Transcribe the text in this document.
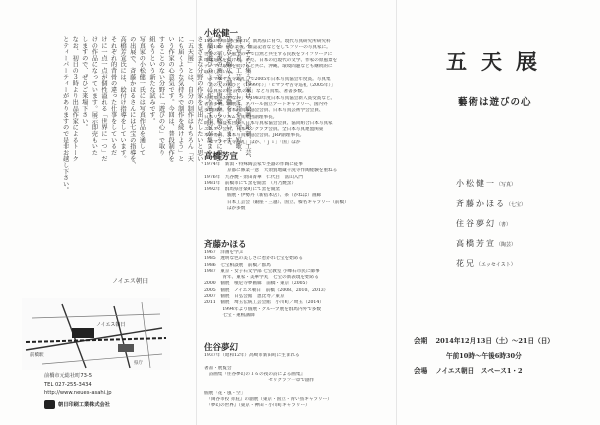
ノイエスに集う作家は、絵画、彫刻、工芸、
書、写真、工芸、そして詩や俳句、短歌、
小説など幅広く制作活動をしています。
ある一夜の酒宴で、盥掌から鞍のように飛ぶ
言葉を遊びのように作り出す作家が集まり、
さまざまな分野の作家を見出だしたいと思い、
「五天展」とは、自分の制作はもちろん「天
にも届くような気持ちで制作を続けよう」と
いう作家の心意気です。今回は、普段制作を
することのない分野に「遊びの心」で取り
組もうという新たな試みです。
写真家の小松健一氏には写真作品を通して
の出展で、斉藤かほるさんには七宝の指導を、
高橋芳宣氏には、絵付け指導をしています。
それぞれ的背骨の違った仕事をしているだ
けに一点一点が個性溢れる「世界に一つ」だ
けの作品になっています。展示即売もいた
しますので、ぜひご来場下さい。
なお、初日の３時より出品作家によるトーク
とティーパーティーがありますので是非お越し下さい。
ノイエス朝日
ノイエス朝日
前橋駅
県庁
前橋市元総社町73-5
TEL 027-255-3434
http://www.neues-asahi.jp
朝日印刷工業株式会社
小松健一
1953年岡山県生まれ。新馬県に育つ。現代写真研究所研究科
（第1期）を卒業後、雑誌記者などをしてフリーの写真家に。
世界の厳しい風土の中で自然と共生する民族をライフワークに
地球巡礼を続ける。また、日本の近現代の文学、作家の原風景を
テーマに取材を続けると共に、沖縄、環境問題なども継続的に
取材している。
「ヒマラヤ古寺巡礼」で2005年日本写真協会年度賞。写真集
「雲の上の人びと（1999年）」「ヒマラヤ古寺巡礼（2005年）」
「写真家の心 詩人の眼」など写真集、著書多数。
写真集「おきなわ」で1983年度日本写真協会新人賞受賞など。
著書多数。個展は、ネパール国立アートギャラリー、国内外
多数開催。日本写真家協会会員、日本写真芸術学会会員、
日本リアリズム写真集団副理事長。
既刊、公益社団法人日本写真家協会会員、協同組合日本写真家
ユニオン会員、日本ペンクラブ会員。全日本写真連盟関東
本部委員、日本写真家協会会員。JRP副理事長。
「ヒマラヤ古寺巡礼」ほか、「ｊｉ」「国」ほか
高橋芳宣
1974年　新潟・特殊陶芸家で杢器の作陶に従事
　　　　　京都に修業一意　大須賀地蔵千洗寺作陶経験を重ねる
1976年　九谷焼・須田菁華　仁代目　富山入門
1981年　前橋市にて窯を開窯　（月乃焼窯）
1992年　群馬県甘楽町にて窯を開窯
　　　　　個展・伊勢丹（新宿本店）、茶（かねは）画廊
　　　　　日本工芸会（銀座・三越）、国立、榛名ギャラリー（前橋）
　　　　　ほか多数
斉藤かほる
1967　洋画を学ぶ
1985　透明な色の美しさに惹かれ七宝を始める
1986　七宝相談展　前橋／群馬
1987　東京・女子石文学部 七宝教室 小峰石市民に師事
　　　　青年、東家・美華学丸　七宝の新表現を始める
2000　個展　噴尼寺夢画廊　前橋・東京（2005）
2005　個展　ノイエス朝日　前橋（2008、2010、2013）
2007　個展　日弘会館　恵比寿／東京
2011　個展　埼玉伝統工芸会館　小川町／埼玉（2014）
　　　　1994年より個展・グループ展を群馬内外で多数
　　　　七宝・蓮根講師
住谷夢幻
1937年（昭和12年）高崎市新田町に生まれる

著書・展覧会
　詩画集『住谷夢幻の１６の夜の詩による画集』
　　　　　　　　　　　　　　セリグラフ一章で創作

個展「花・風・空」
　『岡谷市役 赤庇』の創展（東京・国立・青い鳥ギャラリー）
　『夢幻の世界』（東京・神田・小川町ギャラリー）
五天展
藝術は遊びの心
小松健一（写真）
斉藤かほる（七宝）
住谷夢幻（書）
高橋芳宣（陶芸）
花兄（エッセイスト）
会期 2014年12月13日（土）～21日（日）
午前10時～午後6時30分
会場 ノイエス朝日　スペース1・2
